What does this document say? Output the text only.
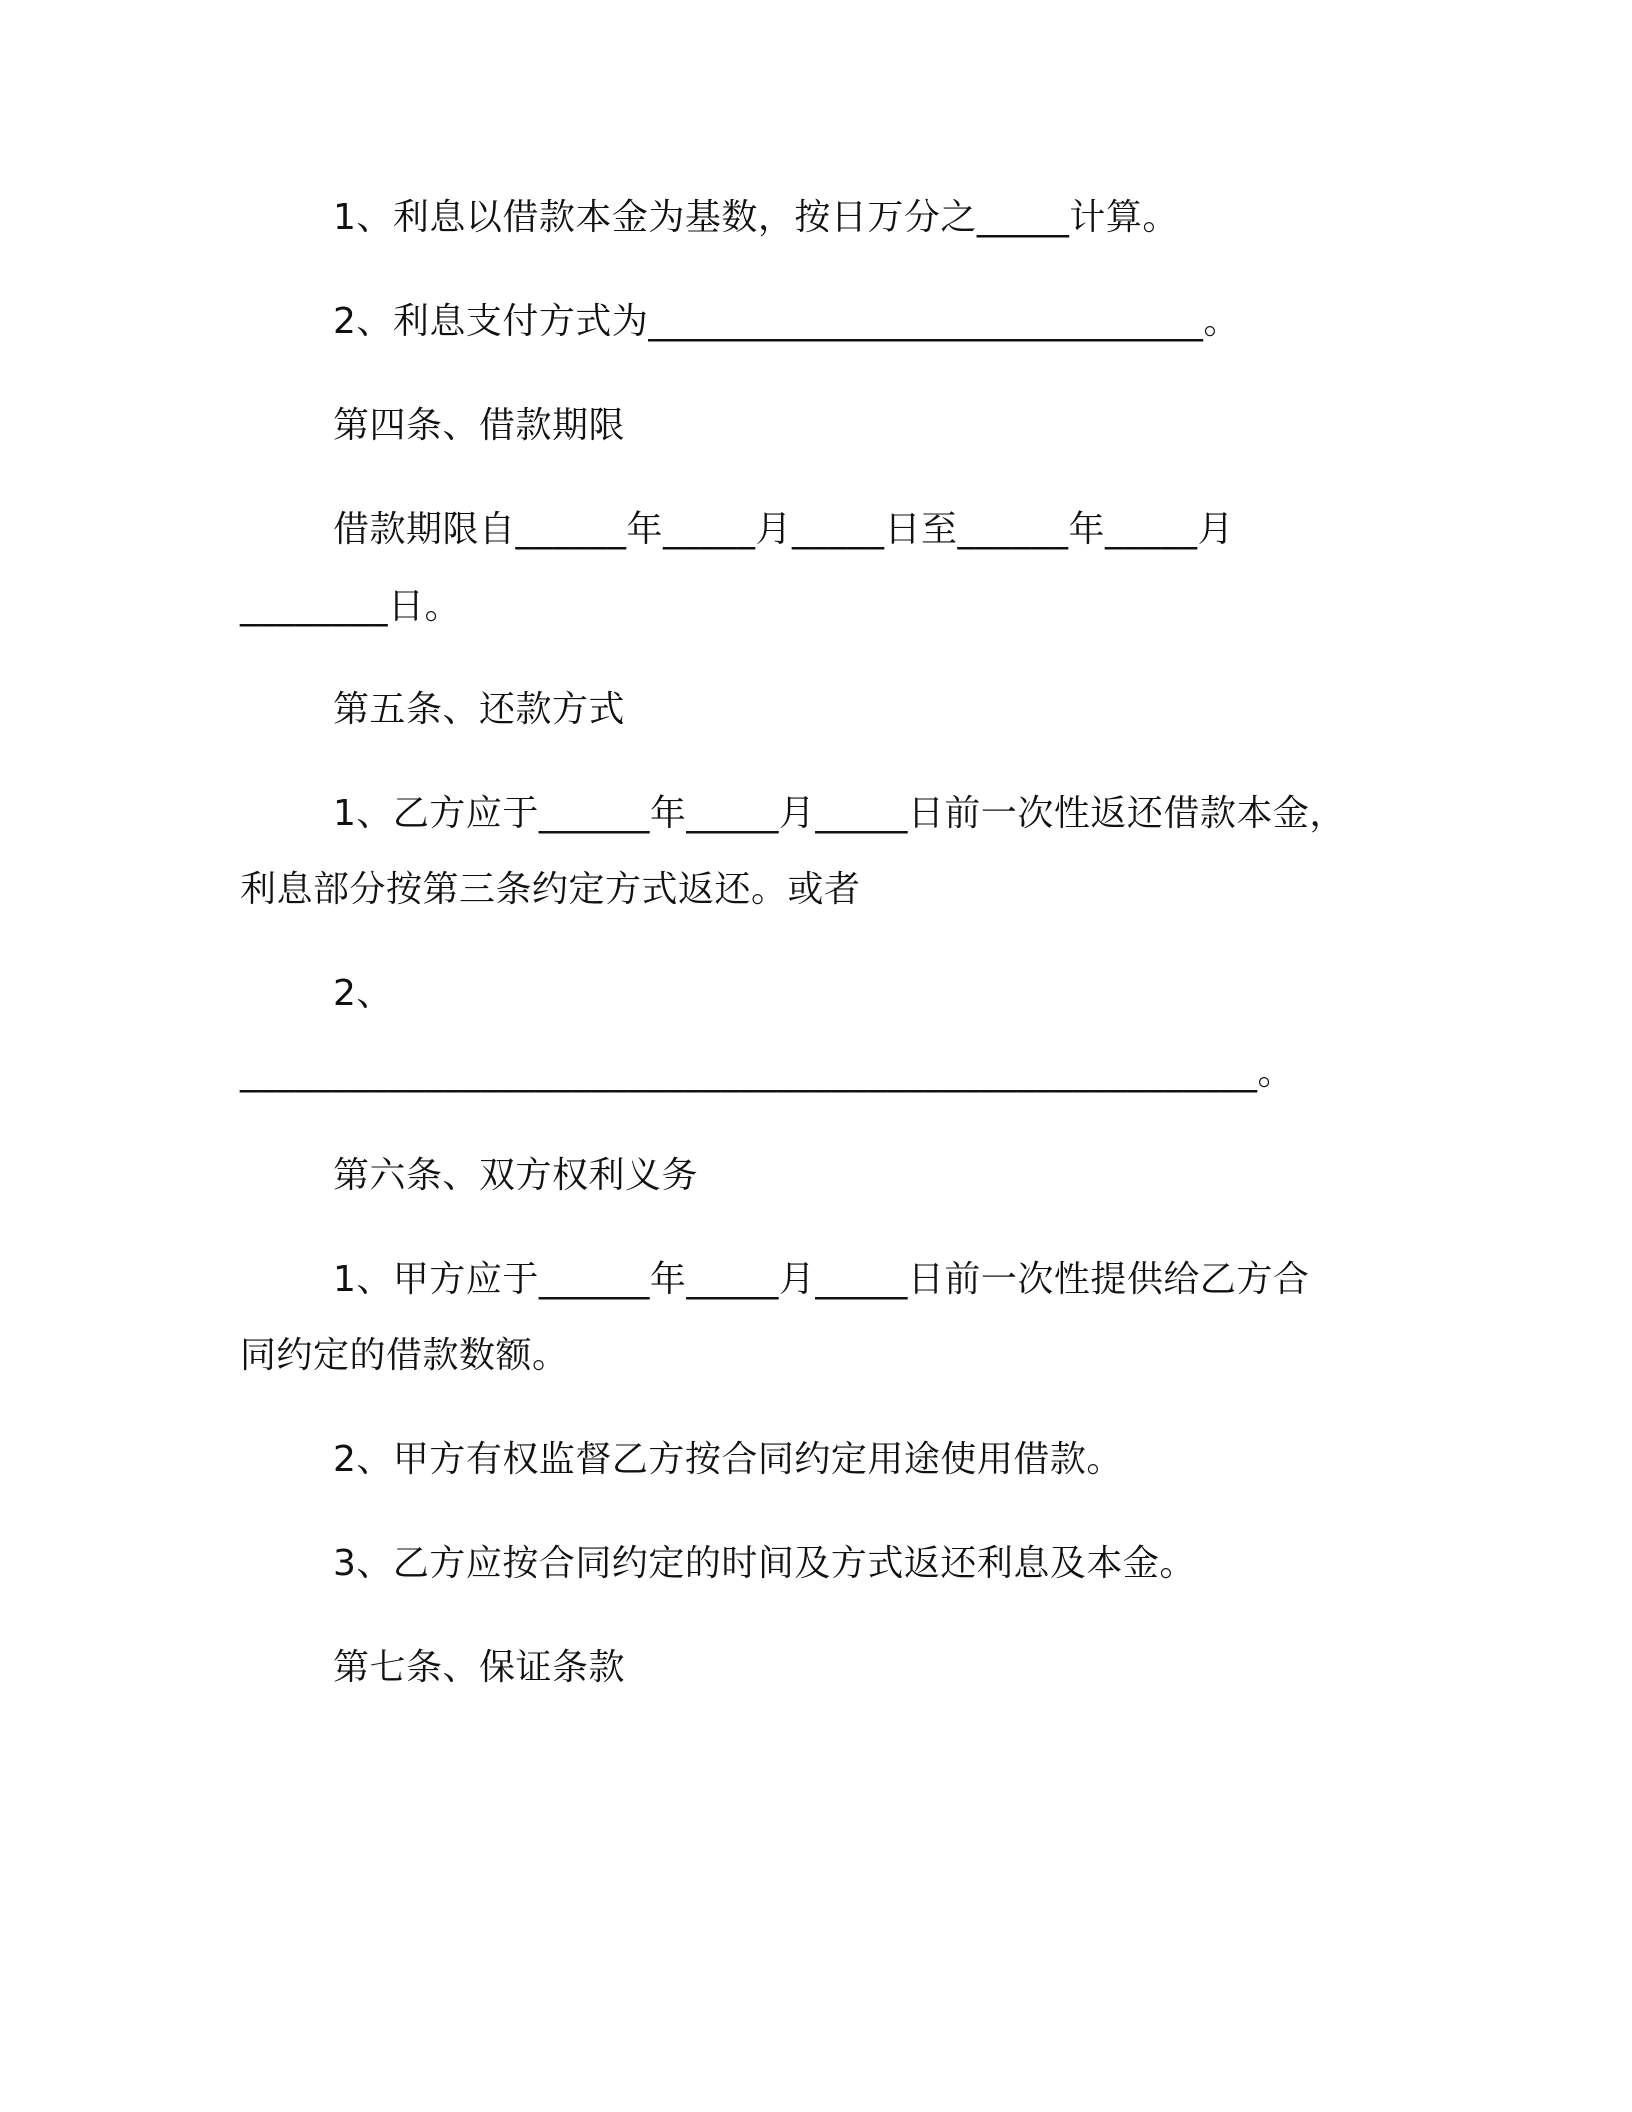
1、利息以借款本金为基数，按日万分之_____计算。
2、利息支付方式为______________________________。
第四条、借款期限
借款期限自______年_____月_____日至______年_____月
________日。
第五条、还款方式
1、乙方应于______年_____月_____日前一次性返还借款本金，
利息部分按第三条约定方式返还。或者
2、
_______________________________________________________。
第六条、双方权利义务
1、甲方应于______年_____月_____日前一次性提供给乙方合
同约定的借款数额。
2、甲方有权监督乙方按合同约定用途使用借款。
3、乙方应按合同约定的时间及方式返还利息及本金。
第七条、保证条款
